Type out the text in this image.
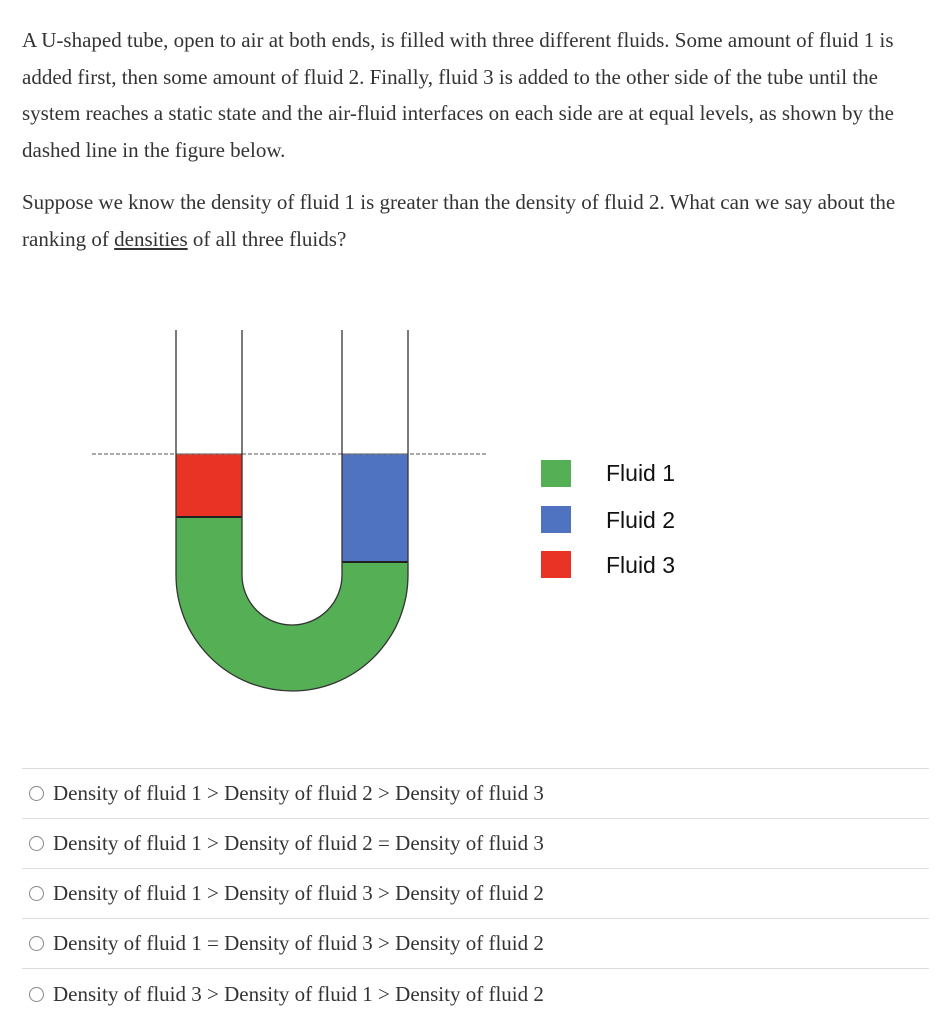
A U-shaped tube, open to air at both ends, is filled with three different fluids. Some amount of fluid 1 is added first, then some amount of fluid 2. Finally, fluid 3 is added to the other side of the tube until the system reaches a static state and the air-fluid interfaces on each side are at equal levels, as shown by the dashed line in the figure below.

Suppose we know the density of fluid 1 is greater than the density of fluid 2. What can we say about the ranking of densities of all three fluids?

Fluid 1
Fluid 2
Fluid 3
Density of fluid 1 > Density of fluid 2 > Density of fluid 3
Density of fluid 1 > Density of fluid 2 = Density of fluid 3
Density of fluid 1 > Density of fluid 3 > Density of fluid 2
Density of fluid 1 = Density of fluid 3 > Density of fluid 2
Density of fluid 3 > Density of fluid 1 > Density of fluid 2
